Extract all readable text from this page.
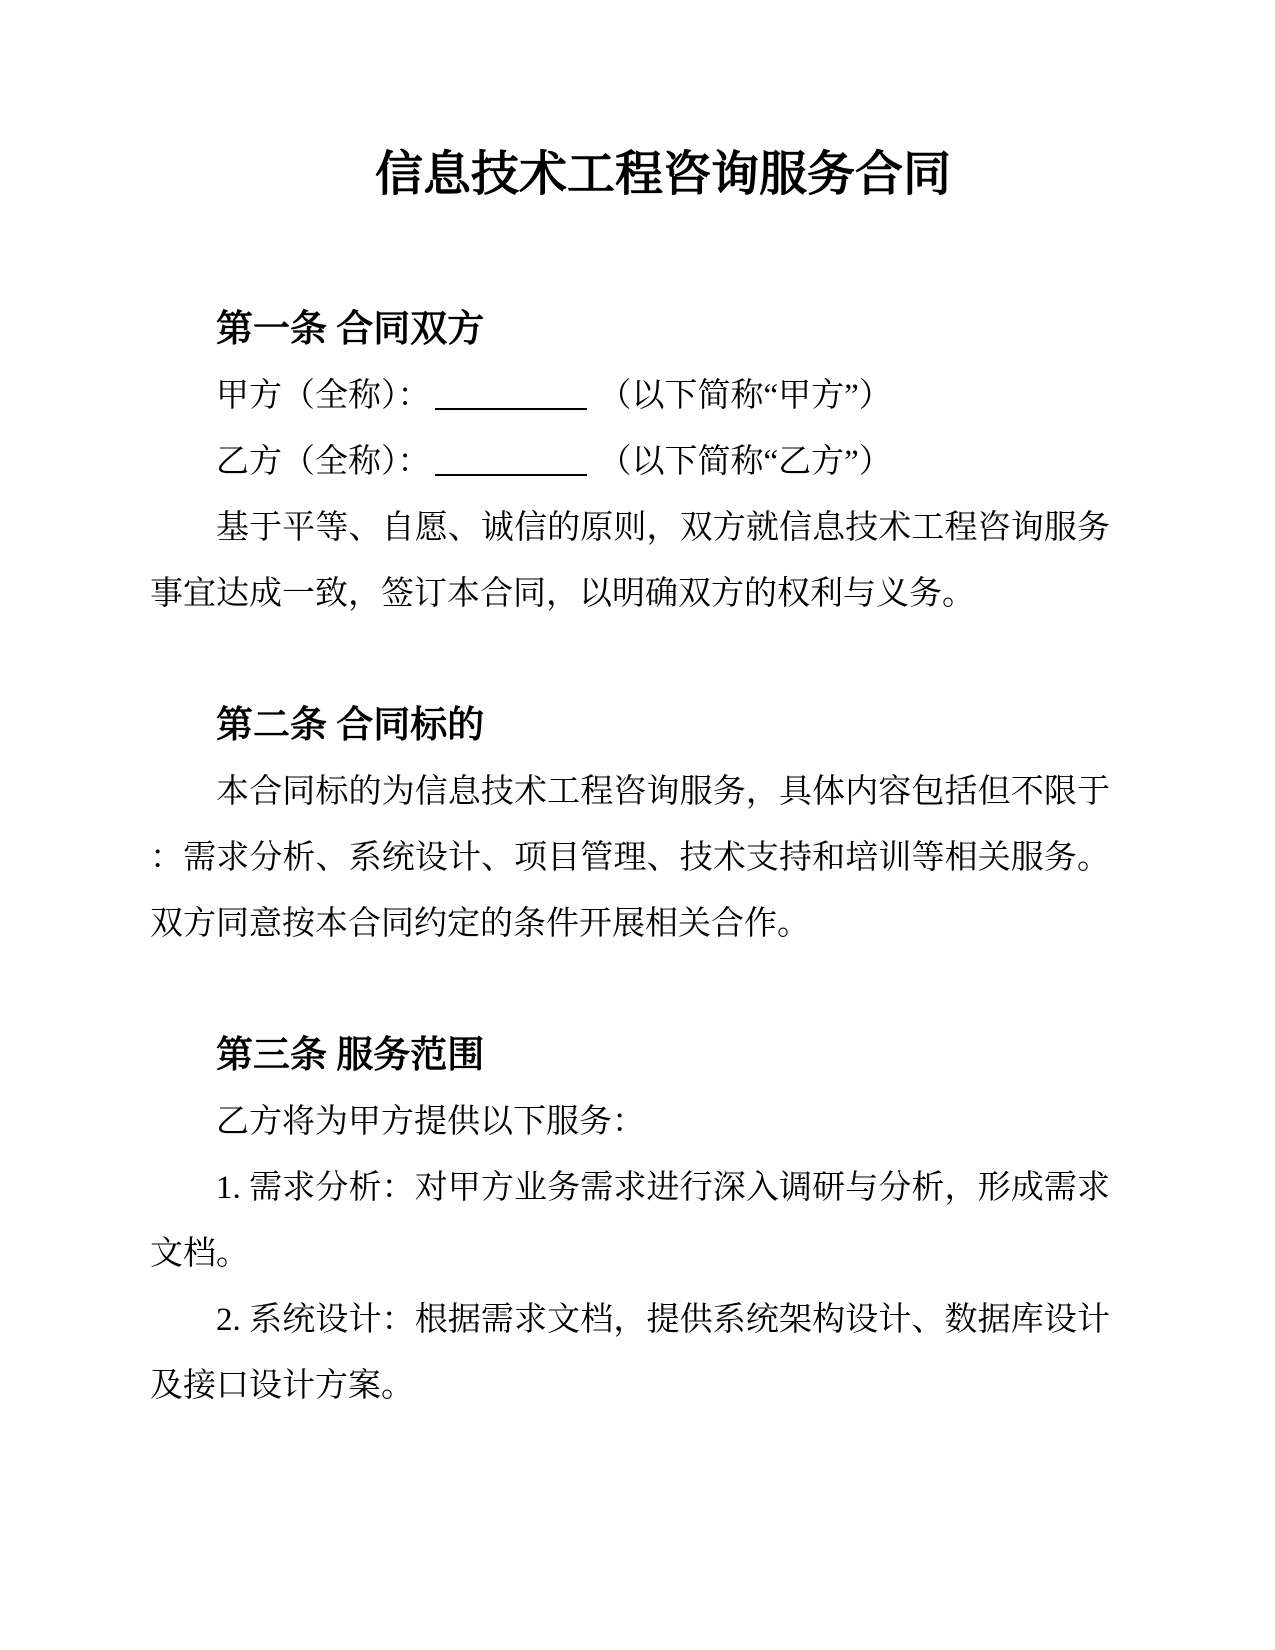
信息技术工程咨询服务合同
第一条 合同双方
甲方（全称）：	（以下简称“甲方”）
乙方（全称）：	（以下简称“乙方”）
基于平等、自愿、诚信的原则，双方就信息技术工程咨询服务
事宜达成一致，签订本合同，以明确双方的权利与义务。
第二条 合同标的
本合同标的为信息技术工程咨询服务，具体内容包括但不限于
：需求分析、系统设计、项目管理、技术支持和培训等相关服务。
双方同意按本合同约定的条件开展相关合作。
第三条 服务范围
乙方将为甲方提供以下服务：
1. 需求分析：对甲方业务需求进行深入调研与分析，形成需求
文档。
2. 系统设计：根据需求文档，提供系统架构设计、数据库设计
及接口设计方案。
